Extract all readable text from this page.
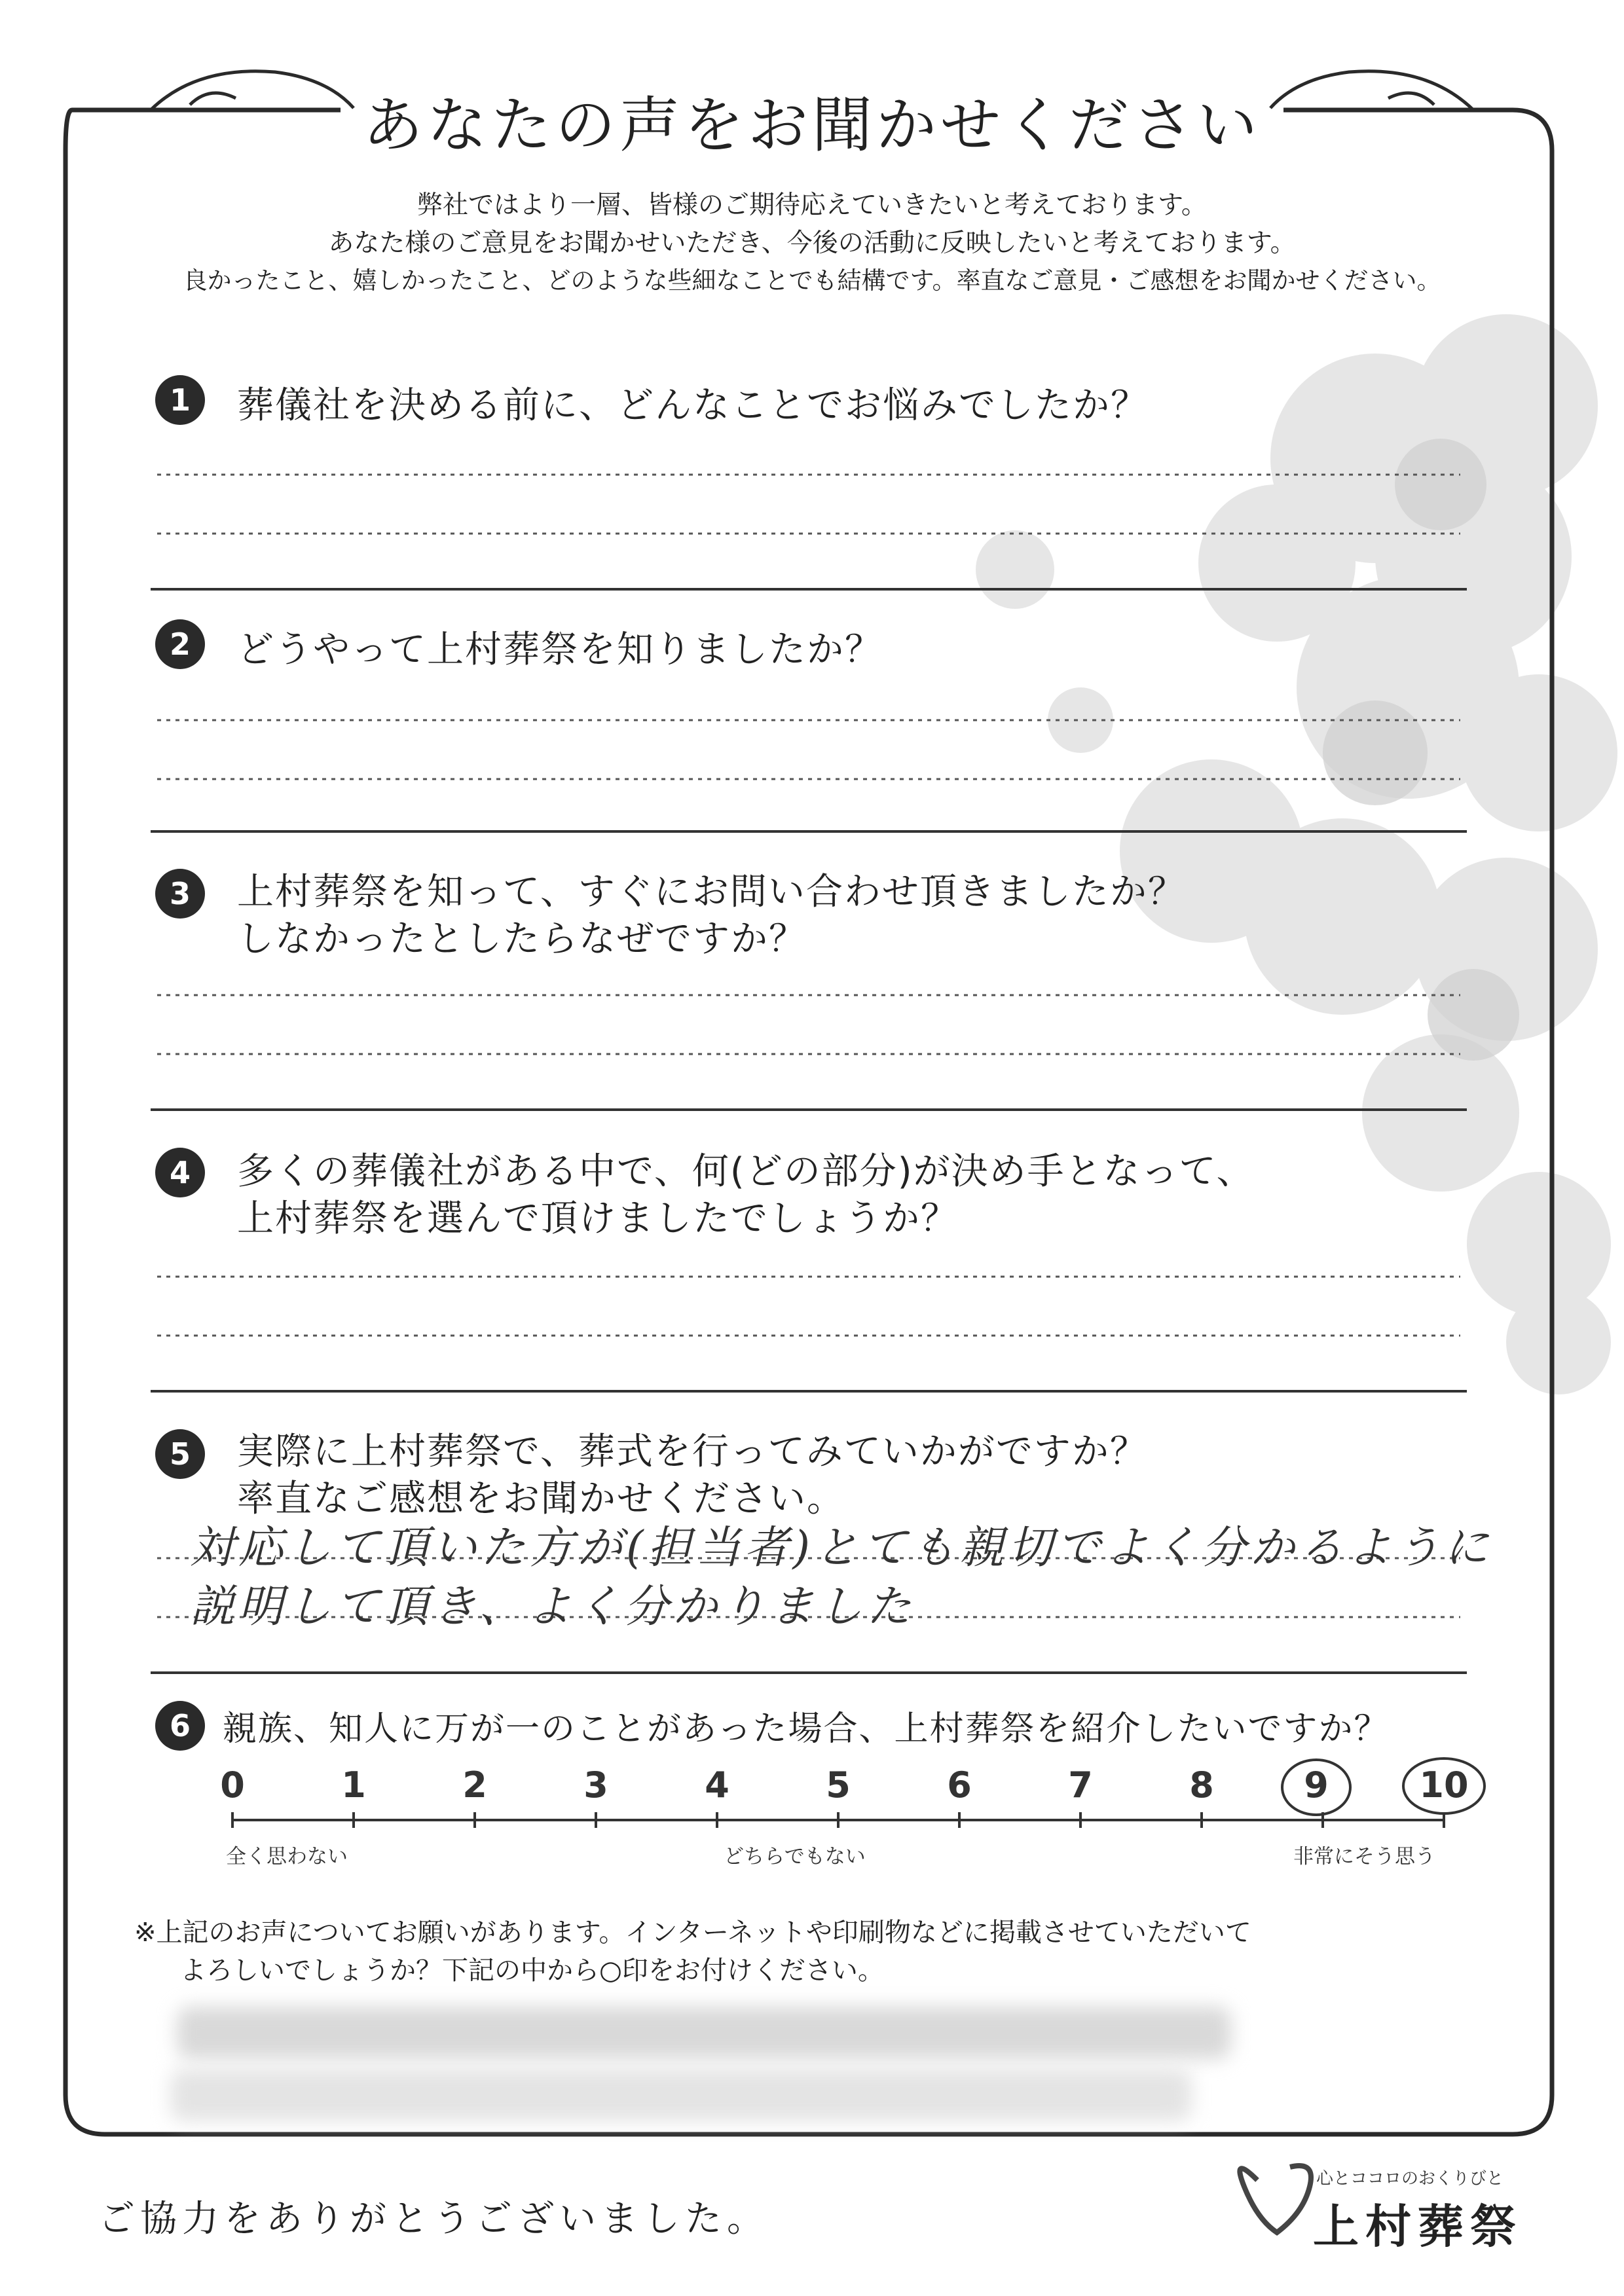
あなたの声をお聞かせください
弊社ではより一層、皆様のご期待応えていきたいと考えております。
あなた様のご意見をお聞かせいただき、今後の活動に反映したいと考えております。
良かったこと、嬉しかったこと、どのような些細なことでも結構です。率直なご意見・ご感想をお聞かせください。
1	葬儀社を決める前に、どんなことでお悩みでしたか？
2	どうやって上村葬祭を知りましたか？
3	上村葬祭を知って、すぐにお問い合わせ頂きましたか？
しなかったとしたらなぜですか？
4	多くの葬儀社がある中で、何(どの部分)が決め手となって、
上村葬祭を選んで頂けましたでしょうか？
5	実際に上村葬祭で、葬式を行ってみていかがですか？
率直なご感想をお聞かせください。
対応して頂いた方が(担当者)とても親切でよく分かるように
説明して頂き、よく分かりました
6 親族、知人に万が一のことがあった場合、上村葬祭を紹介したいですか？
0	1	2	3	4	5	6	7	8	9	10
全く思わない	どちらでもない	非常にそう思う
※上記のお声についてお願いがあります。インターネットや印刷物などに掲載させていただいて
よろしいでしょうか？下記の中から○印をお付けください。
ご協力をありがとうございました。
心とココロのおくりびと
上村葬祭
